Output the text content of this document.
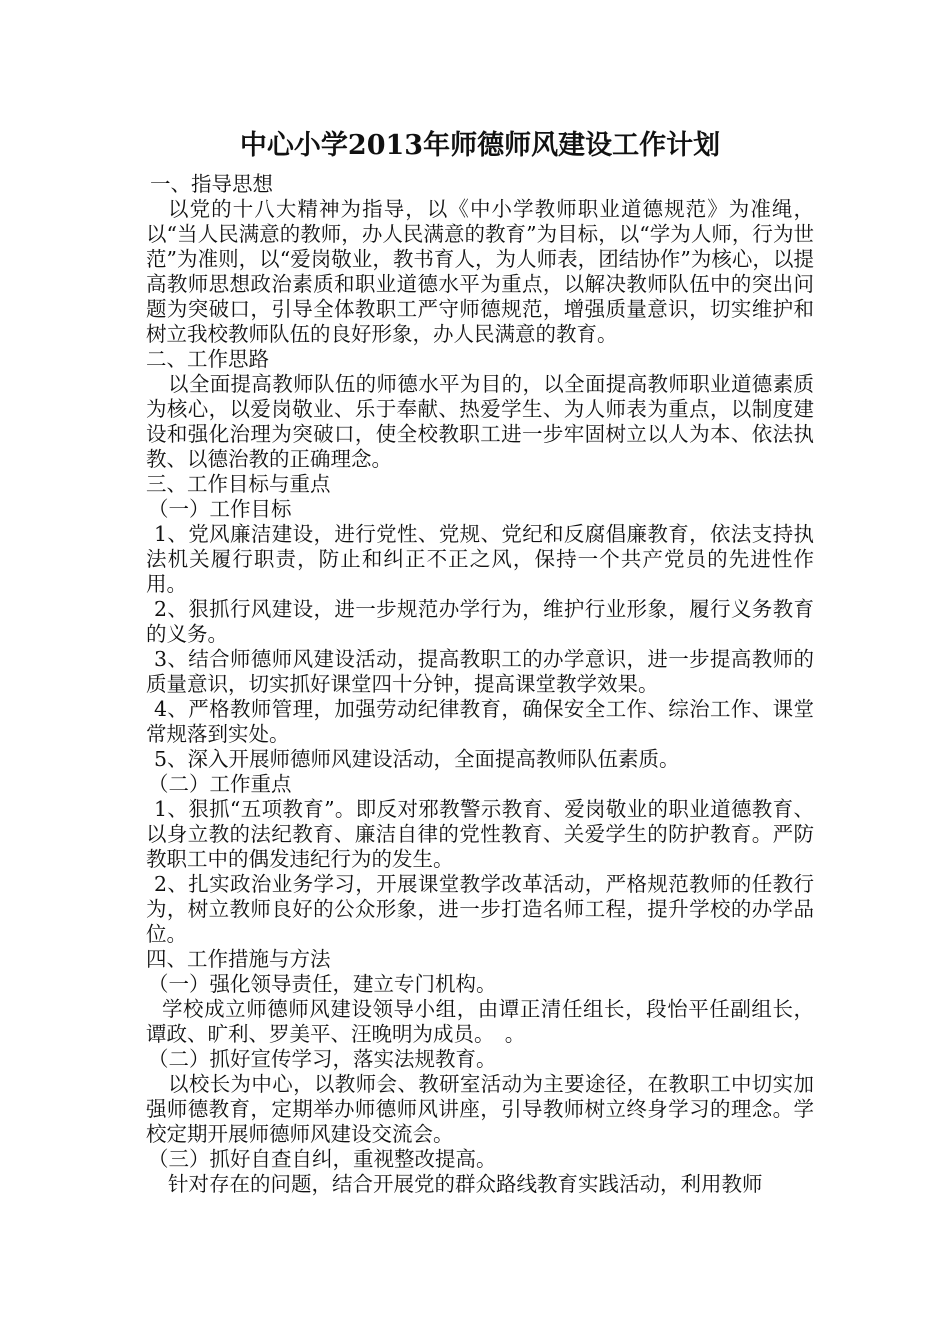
中心小学2013年师德师风建设工作计划

一、指导思想

以党的十八大精神为指导，以《中小学教师职业道德规范》为准绳，以“当人民满意的教师，办人民满意的教育”为目标，以“学为人师，行为世范”为准则，以“爱岗敬业，教书育人，为人师表，团结协作”为核心，以提高教师思想政治素质和职业道德水平为重点，以解决教师队伍中的突出问题为突破口，引导全体教职工严守师德规范，增强质量意识，切实维护和树立我校教师队伍的良好形象，办人民满意的教育。

二、工作思路

以全面提高教师队伍的师德水平为目的，以全面提高教师职业道德素质为核心，以爱岗敬业、乐于奉献、热爱学生、为人师表为重点，以制度建设和强化治理为突破口，使全校教职工进一步牢固树立以人为本、依法执教、以德治教的正确理念。

三、工作目标与重点

（一）工作目标

1、党风廉洁建设，进行党性、党规、党纪和反腐倡廉教育，依法支持执法机关履行职责，防止和纠正不正之风，保持一个共产党员的先进性作用。

2、狠抓行风建设，进一步规范办学行为，维护行业形象，履行义务教育的义务。

3、结合师德师风建设活动，提高教职工的办学意识，进一步提高教师的质量意识，切实抓好课堂四十分钟，提高课堂教学效果。

4、严格教师管理，加强劳动纪律教育，确保安全工作、综治工作、课堂常规落到实处。

5、深入开展师德师风建设活动，全面提高教师队伍素质。

（二）工作重点

1、狠抓“五项教育”。即反对邪教警示教育、爱岗敬业的职业道德教育、以身立教的法纪教育、廉洁自律的党性教育、关爱学生的防护教育。严防教职工中的偶发违纪行为的发生。

2、扎实政治业务学习，开展课堂教学改革活动，严格规范教师的任教行为，树立教师良好的公众形象，进一步打造名师工程，提升学校的办学品位。

四、工作措施与方法

（一）强化领导责任，建立专门机构。

学校成立师德师风建设领导小组，由谭正清任组长，段怡平任副组长，谭政、旷利、罗美平、汪晚明为成员。　。

（二）抓好宣传学习，落实法规教育。

以校长为中心，以教师会、教研室活动为主要途径，在教职工中切实加强师德教育，定期举办师德师风讲座，引导教师树立终身学习的理念。学校定期开展师德师风建设交流会。

（三）抓好自查自纠，重视整改提高。

针对存在的问题，结合开展党的群众路线教育实践活动，利用教师
